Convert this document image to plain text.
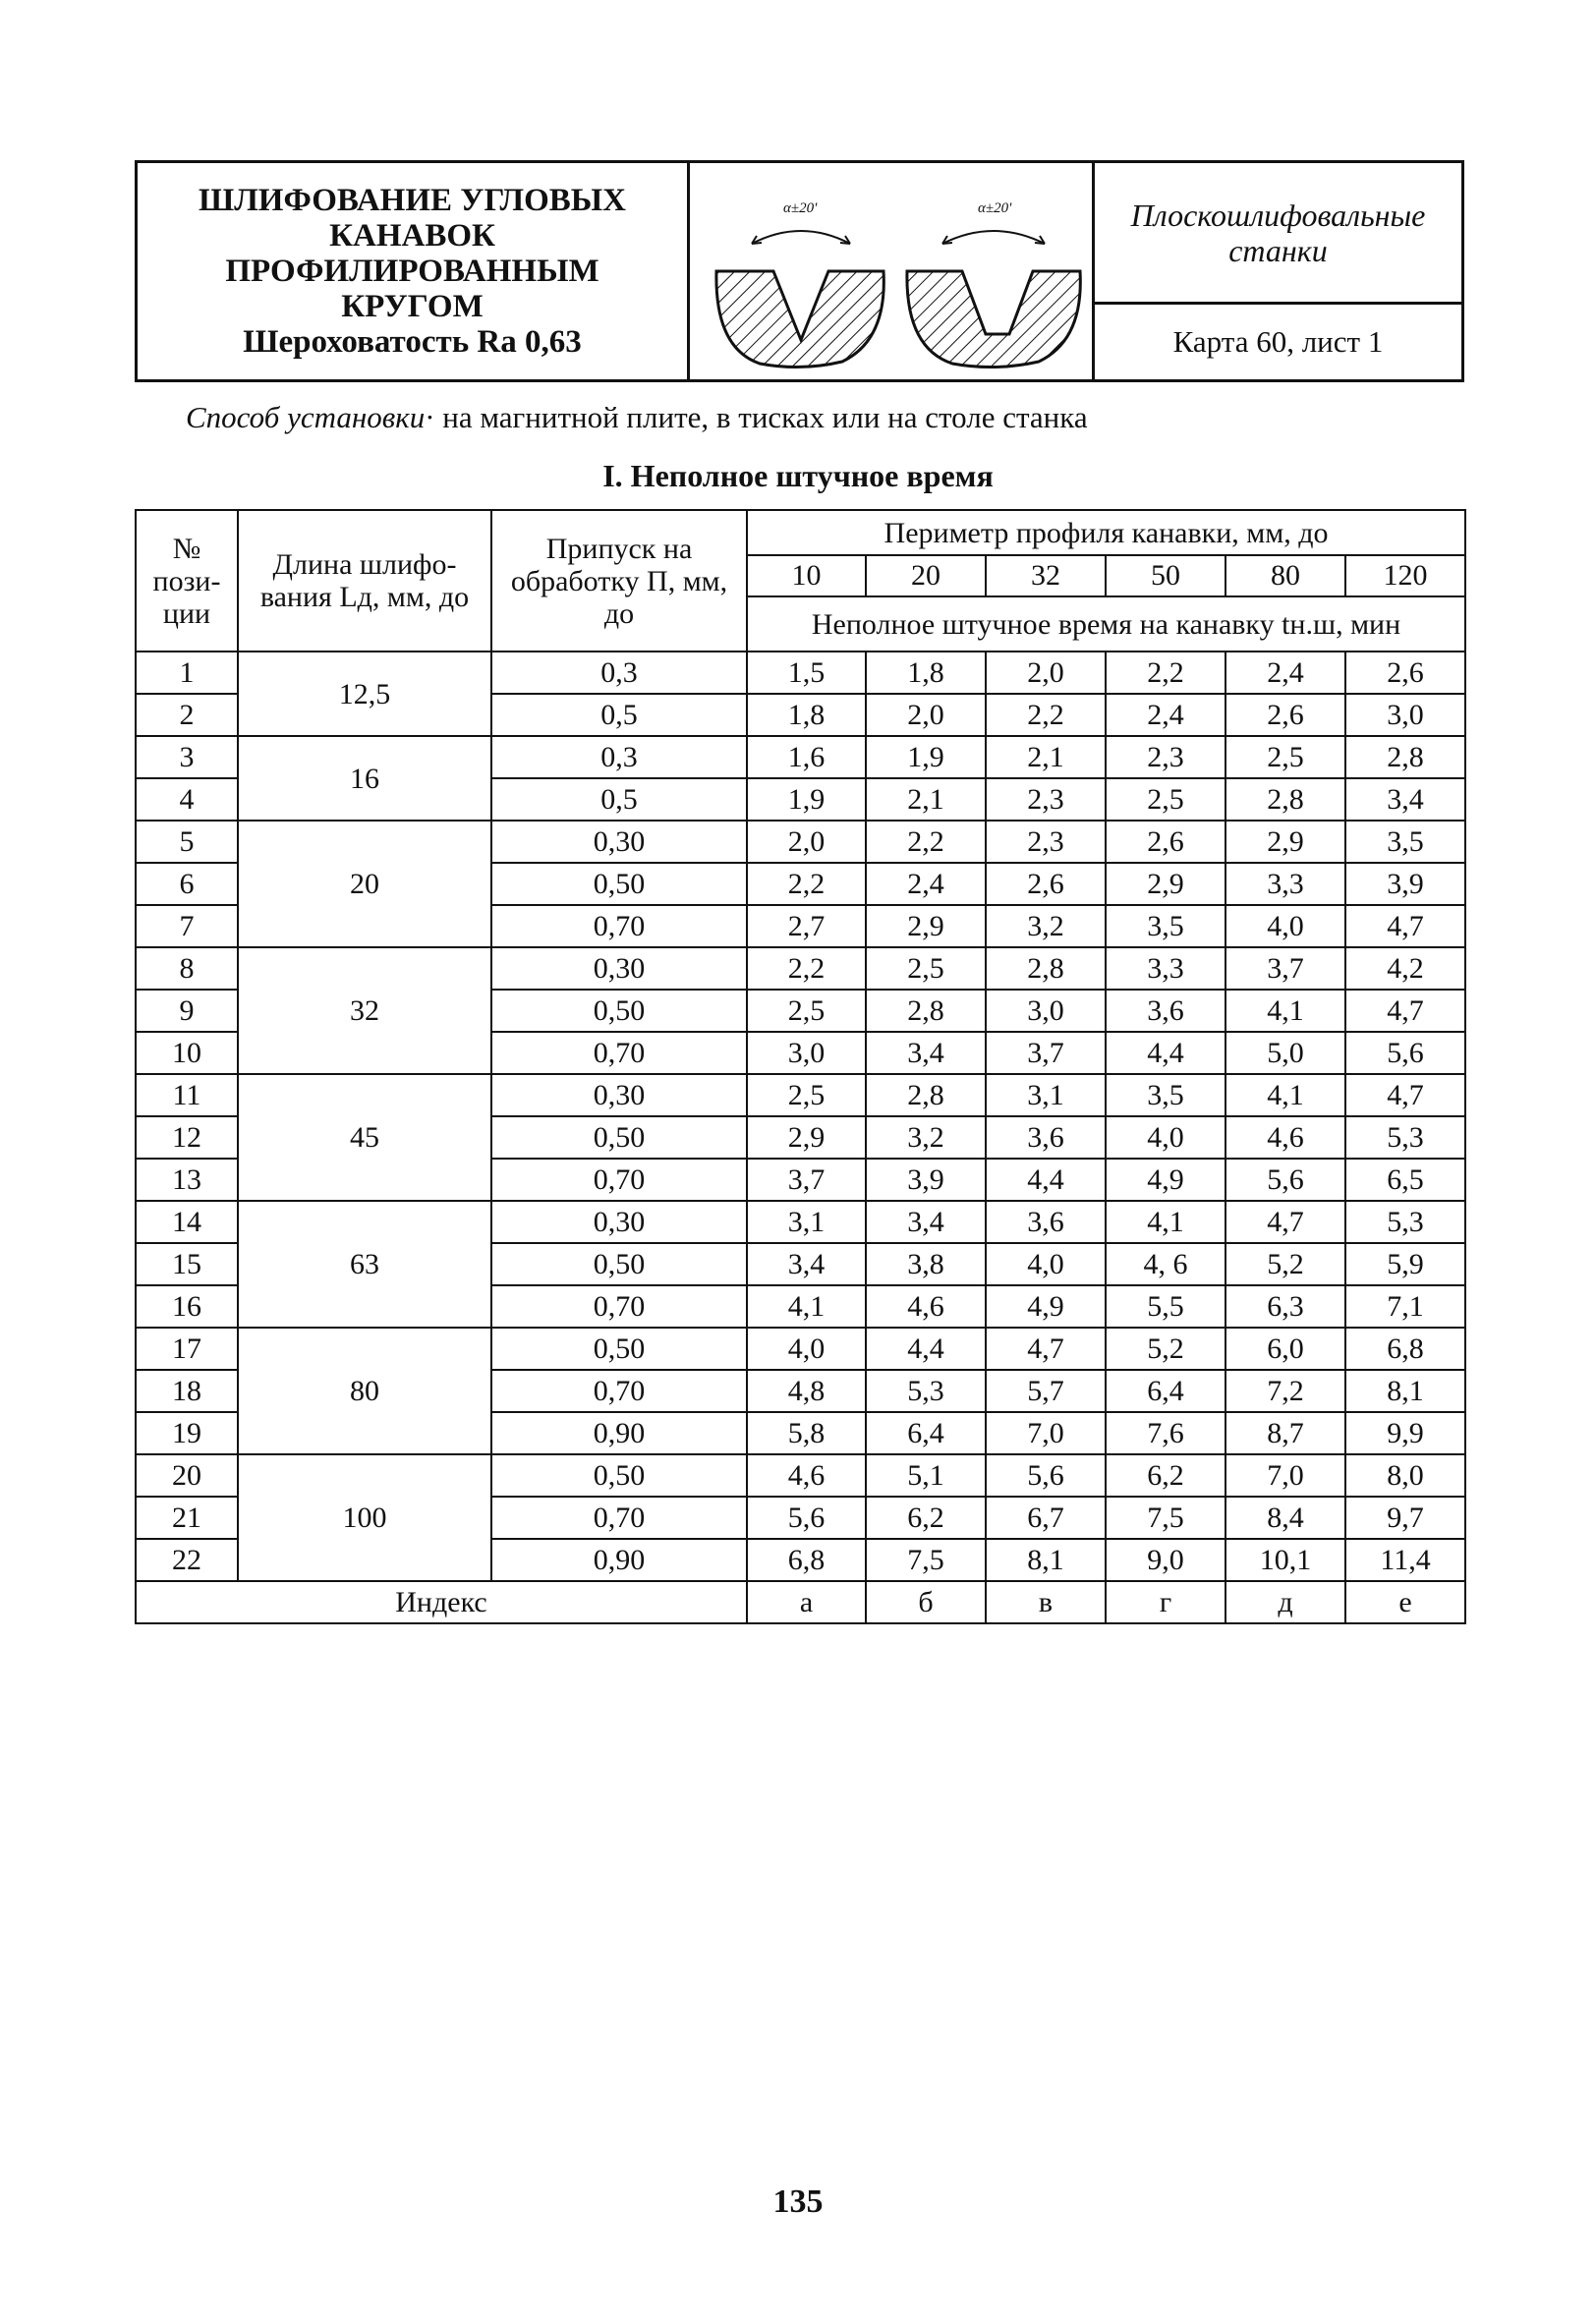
ШЛИФОВАНИЕ УГЛОВЫХ
КАНАВОК
ПРОФИЛИРОВАННЫМ
КРУГОМ
Шероховатость Ra 0,63
α±20'	α±20'	Плоскошлифовальные станки
Карта 60, лист 1
Способ установки· на магнитной плите, в тисках или на столе станка
I. Неполное штучное время
№ пози- ции	Длина шлифо- вания Lд, мм, до	Припуск на обработку П, мм, до	Периметр профиля канавки, мм, до					
			10	20	32	50	80	120
			Неполное штучное время на канавку tн.ш, мин					
1	12,5	0,3	1,5	1,8	2,0	2,2	2,4	2,6
2		0,5	1,8	2,0	2,2	2,4	2,6	3,0
3	16	0,3	1,6	1,9	2,1	2,3	2,5	2,8
4		0,5	1,9	2,1	2,3	2,5	2,8	3,4
5	20	0,30	2,0	2,2	2,3	2,6	2,9	3,5
6		0,50	2,2	2,4	2,6	2,9	3,3	3,9
7		0,70	2,7	2,9	3,2	3,5	4,0	4,7
8	32	0,30	2,2	2,5	2,8	3,3	3,7	4,2
9		0,50	2,5	2,8	3,0	3,6	4,1	4,7
10		0,70	3,0	3,4	3,7	4,4	5,0	5,6
11	45	0,30	2,5	2,8	3,1	3,5	4,1	4,7
12		0,50	2,9	3,2	3,6	4,0	4,6	5,3
13		0,70	3,7	3,9	4,4	4,9	5,6	6,5
14	63	0,30	3,1	3,4	3,6	4,1	4,7	5,3
15		0,50	3,4	3,8	4,0	4, 6	5,2	5,9
16		0,70	4,1	4,6	4,9	5,5	6,3	7,1
17	80	0,50	4,0	4,4	4,7	5,2	6,0	6,8
18		0,70	4,8	5,3	5,7	6,4	7,2	8,1
19		0,90	5,8	6,4	7,0	7,6	8,7	9,9
20	100	0,50	4,6	5,1	5,6	6,2	7,0	8,0
21		0,70	5,6	6,2	6,7	7,5	8,4	9,7
22		0,90	6,8	7,5	8,1	9,0	10,1	11,4
Индекс			а	б	в	г	д	е
135
